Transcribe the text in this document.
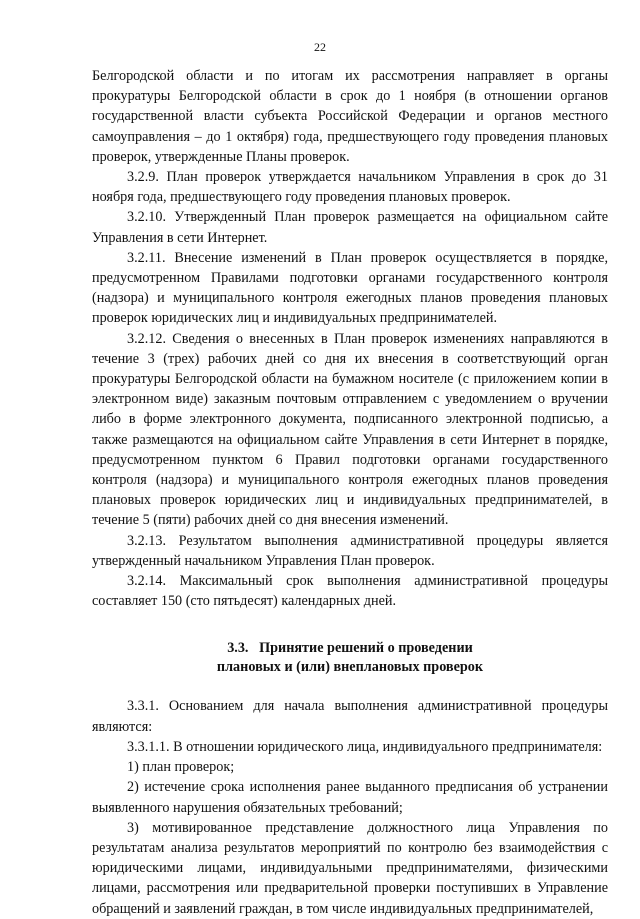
22

Белгородской области и по итогам их рассмотрения направляет в органы прокуратуры Белгородской области в срок до 1 ноября (в отношении органов государственной власти субъекта Российской Федерации и органов местного самоуправления – до 1 октября) года, предшествующего году проведения плановых проверок, утвержденные Планы проверок.

3.2.9. План проверок утверждается начальником Управления в срок до 31 ноября года, предшествующего году проведения плановых проверок.

3.2.10. Утвержденный План проверок размещается на официальном сайте Управления в сети Интернет.

3.2.11. Внесение изменений в План проверок осуществляется в порядке, предусмотренном Правилами подготовки органами государственного контроля (надзора) и муниципального контроля ежегодных планов проведения плановых проверок юридических лиц и индивидуальных предпринимателей.

3.2.12. Сведения о внесенных в План проверок изменениях направляются в течение 3 (трех) рабочих дней со дня их внесения в соответствующий орган прокуратуры Белгородской области на бумажном носителе (с приложением копии в электронном виде) заказным почтовым отправлением с уведомлением о вручении либо в форме электронного документа, подписанного электронной подписью, а также размещаются на официальном сайте Управления в сети Интернет в порядке, предусмотренном пунктом 6 Правил подготовки органами государственного контроля (надзора) и муниципального контроля ежегодных планов проведения плановых проверок юридических лиц и индивидуальных предпринимателей, в течение 5 (пяти) рабочих дней со дня внесения изменений.

3.2.13. Результатом выполнения административной процедуры является утвержденный начальником Управления План проверок.

3.2.14. Максимальный срок выполнения административной процедуры составляет 150 (сто пятьдесят) календарных дней.

3.3.   Принятие решений о проведении
плановых и (или) внеплановых проверок

3.3.1. Основанием для начала выполнения административной процедуры являются:

3.3.1.1. В отношении юридического лица, индивидуального предпринимателя:

1) план проверок;

2) истечение срока исполнения ранее выданного предписания об устранении выявленного нарушения обязательных требований;

3) мотивированное представление должностного лица Управления по результатам анализа результатов мероприятий по контролю без взаимодействия с юридическими лицами, индивидуальными предпринимателями, физическими лицами, рассмотрения или предварительной проверки поступивших в Управление обращений и заявлений граждан, в том числе индивидуальных предпринимателей,
